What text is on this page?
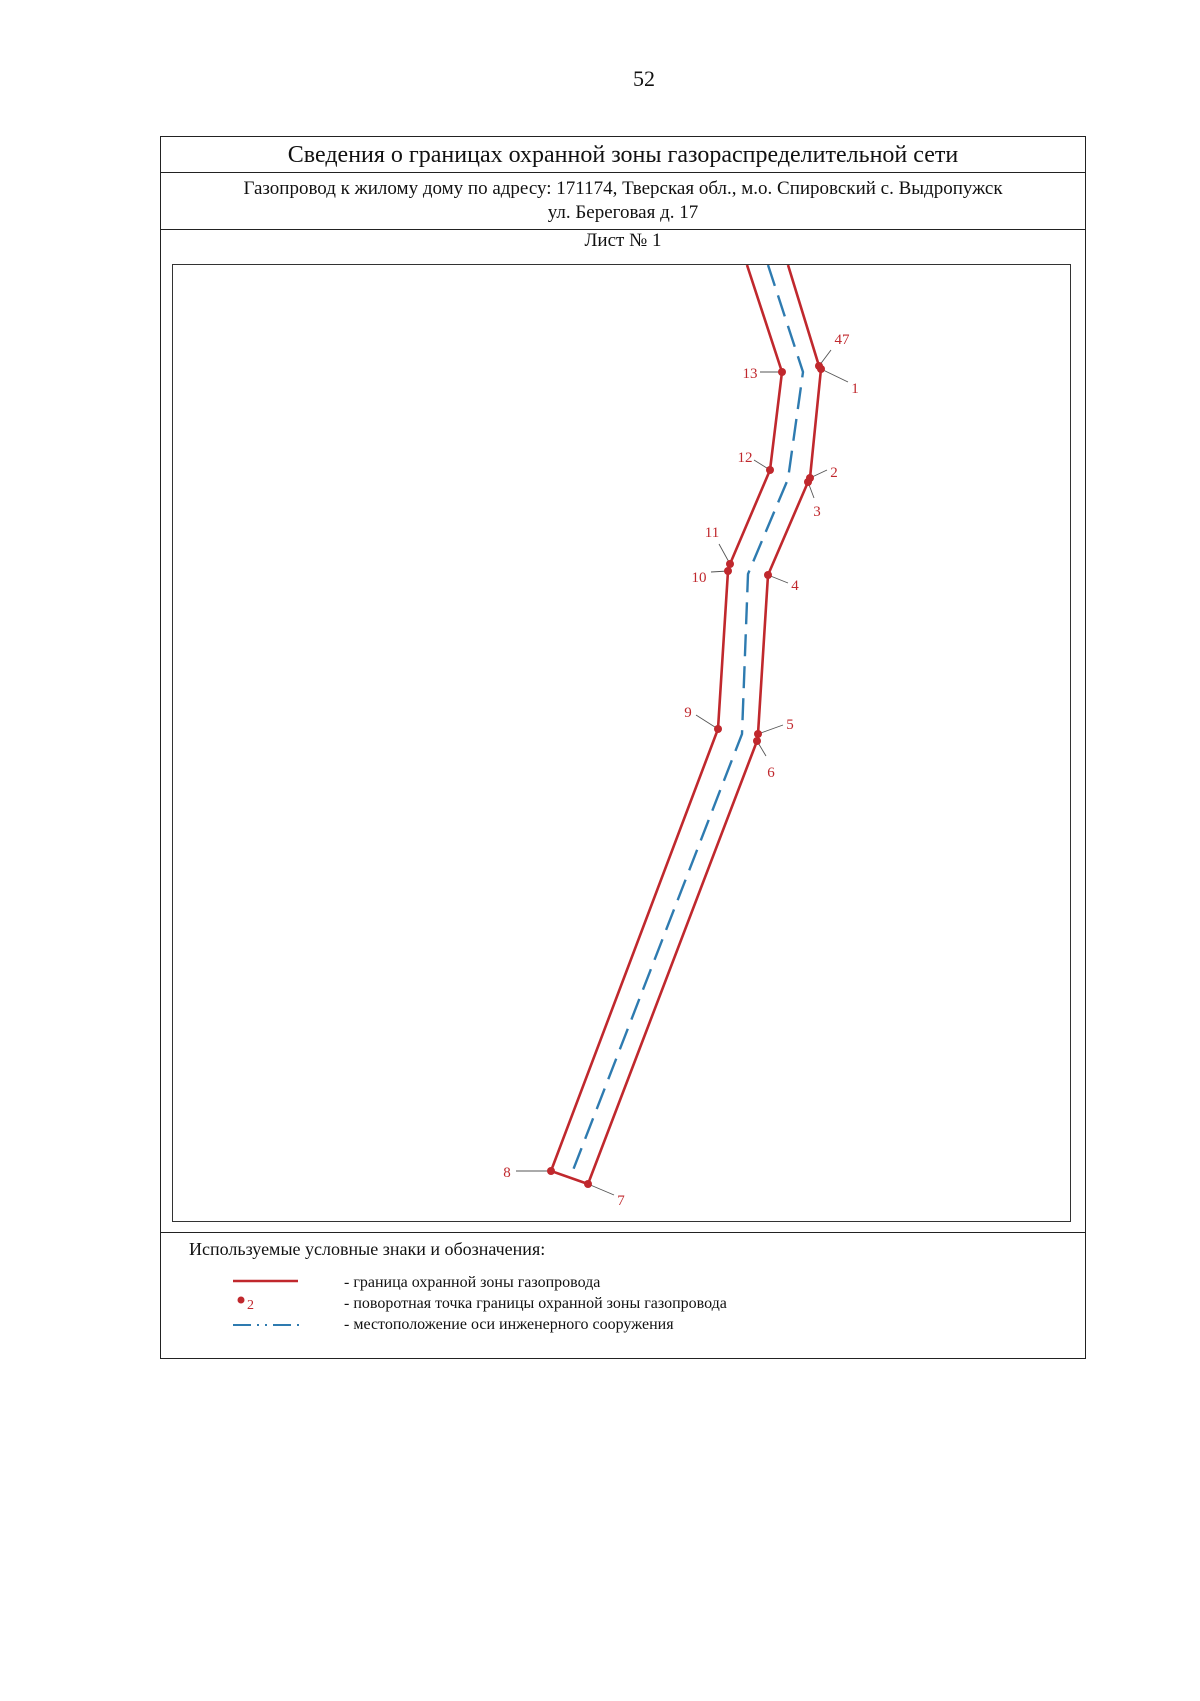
52
Сведения о границах охранной зоны газораспределительной сети
Газопровод к жилому дому по адресу: 171174, Тверская обл., м.о. Спировский с. Выдропужск
ул. Береговая д. 17
Лист № 1
47
1
2
3
4
5
6
7
8
9
10
11
12
13
Используемые условные знаки и обозначения:
- граница охранной зоны газопровода
2	- поворотная точка границы охранной зоны газопровода
- местоположение оси инженерного сооружения
